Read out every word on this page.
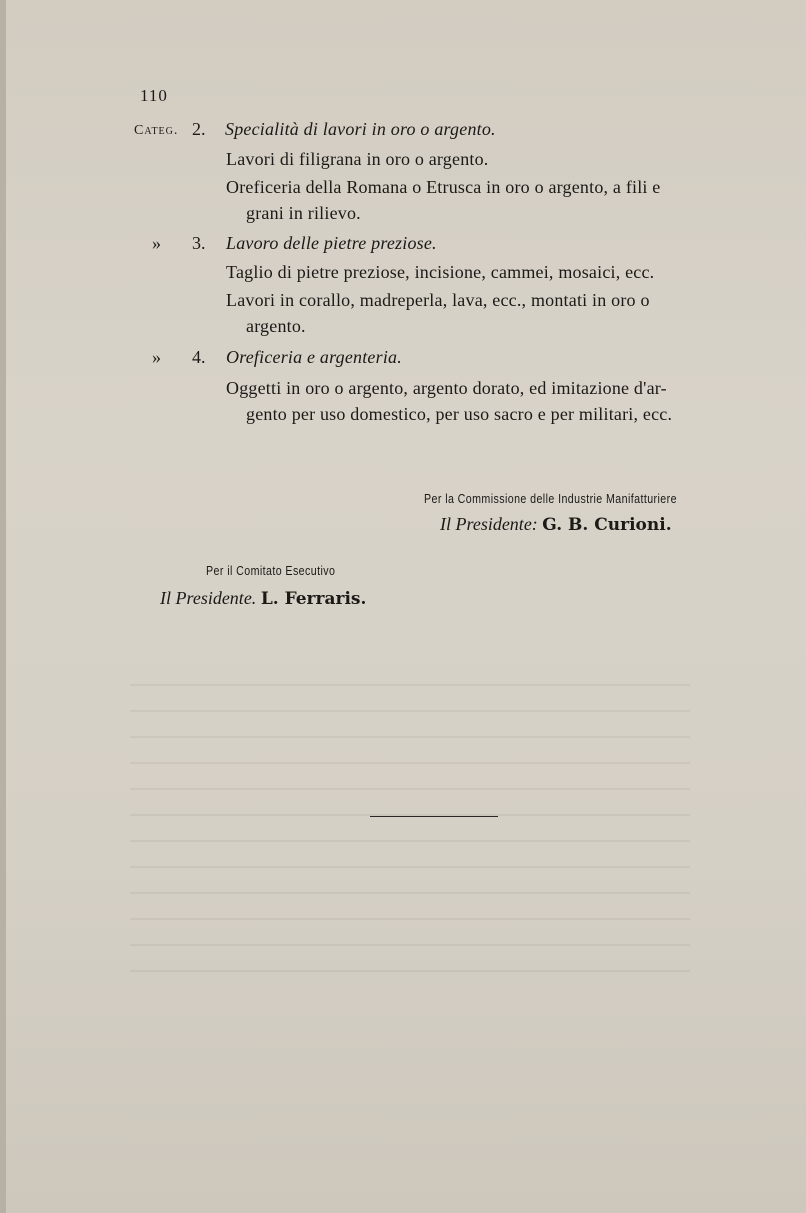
110
Categ. 2. Specialità di lavori in oro o argento.
Lavori di filigrana in oro o argento.
Oreficeria della Romana o Etrusca in oro o argento, a fili e
grani in rilievo.
» 3. Lavoro delle pietre preziose.
Taglio di pietre preziose, incisione, cammei, mosaici, ecc.
Lavori in corallo, madreperla, lava, ecc., montati in oro o
argento.
» 4. Oreficeria e argenteria.
Oggetti in oro o argento, argento dorato, ed imitazione d'ar-
gento per uso domestico, per uso sacro e per militari, ecc.
Per la Commissione delle Industrie Manifatturiere
Il Presidente: G. B. Curioni.
Per il Comitato Esecutivo
Il Presidente. L. Ferraris.
